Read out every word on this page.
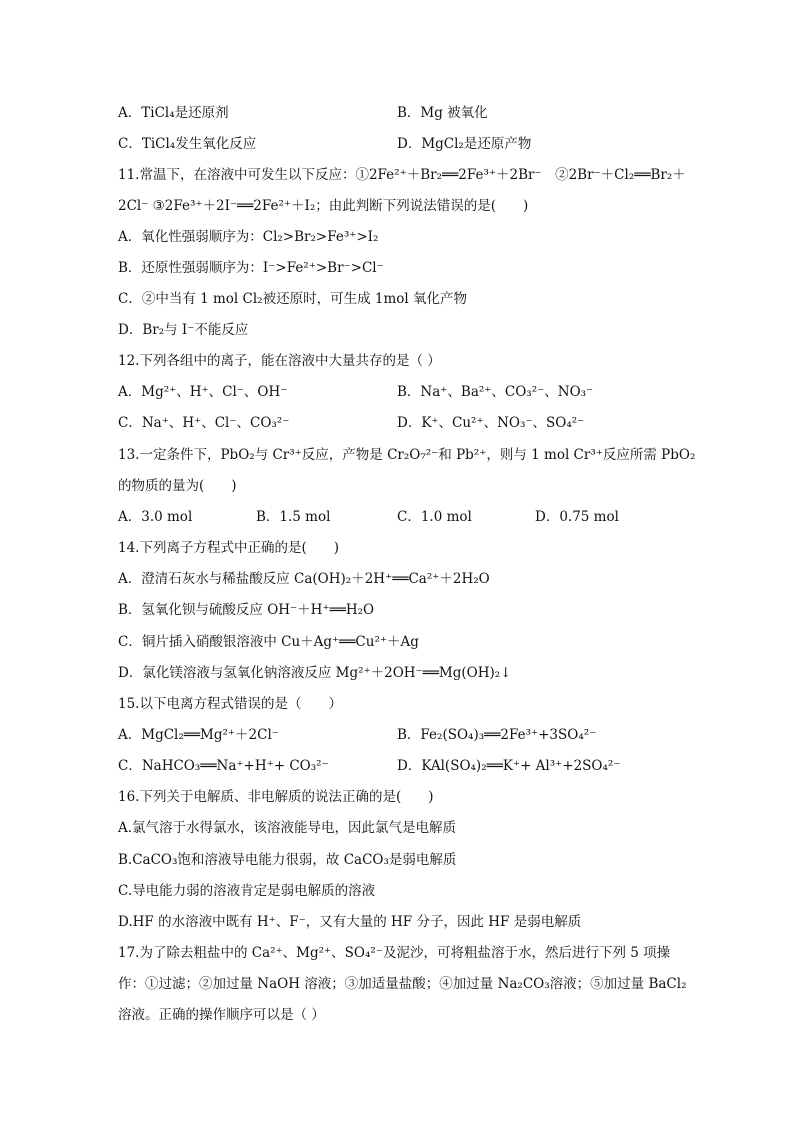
A．TiCl₄是还原剂	B．Mg 被氧化
C．TiCl₄发生氧化反应	D．MgCl₂是还原产物
11.常温下，在溶液中可发生以下反应：①2Fe²⁺＋Br₂══2Fe³⁺＋2Br⁻　②2Br⁻＋Cl₂══Br₂＋
2Cl⁻ ③2Fe³⁺＋2I⁻══2Fe²⁺＋I₂；由此判断下列说法错误的是(　　)
A．氧化性强弱顺序为：Cl₂>Br₂>Fe³⁺>I₂
B．还原性强弱顺序为：I⁻>Fe²⁺>Br⁻>Cl⁻
C．②中当有 1 mol Cl₂被还原时，可生成 1mol 氧化产物
D．Br₂与 I⁻不能反应
12.下列各组中的离子，能在溶液中大量共存的是（ ）
A．Mg²⁺、H⁺、Cl⁻、OH⁻	B．Na⁺、Ba²⁺、CO₃²⁻、NO₃⁻
C．Na⁺、H⁺、Cl⁻、CO₃²⁻	D．K⁺、Cu²⁺、NO₃⁻、SO₄²⁻
13.一定条件下，PbO₂与 Cr³⁺反应，产物是 Cr₂O₇²⁻和 Pb²⁺，则与 1 mol Cr³⁺反应所需 PbO₂
的物质的量为(　　)
A．3.0 mol	B．1.5 mol	C．1.0 mol	D．0.75 mol
14.下列离子方程式中正确的是(　　)
A．澄清石灰水与稀盐酸反应 Ca(OH)₂＋2H⁺══Ca²⁺＋2H₂O
B．氢氧化钡与硫酸反应 OH⁻＋H⁺══H₂O
C．铜片插入硝酸银溶液中 Cu＋Ag⁺══Cu²⁺＋Ag
D．氯化镁溶液与氢氧化钠溶液反应 Mg²⁺＋2OH⁻══Mg(OH)₂↓
15.以下电离方程式错误的是（　　）
A．MgCl₂══Mg²⁺＋2Cl⁻	B．Fe₂(SO₄)₃══2Fe³⁺+3SO₄²⁻
C．NaHCO₃══Na⁺+H⁺+ CO₃²⁻	D．KAl(SO₄)₂══K⁺+ Al³⁺+2SO₄²⁻
16.下列关于电解质、非电解质的说法正确的是(　　)
A.氯气溶于水得氯水，该溶液能导电，因此氯气是电解质
B.CaCO₃饱和溶液导电能力很弱，故 CaCO₃是弱电解质
C.导电能力弱的溶液肯定是弱电解质的溶液
D.HF 的水溶液中既有 H⁺、F⁻，又有大量的 HF 分子，因此 HF 是弱电解质
17.为了除去粗盐中的 Ca²⁺、Mg²⁺、SO₄²⁻及泥沙，可将粗盐溶于水，然后进行下列 5 项操
作：①过滤；②加过量 NaOH 溶液；③加适量盐酸；④加过量 Na₂CO₃溶液；⑤加过量 BaCl₂
溶液。正确的操作顺序可以是（ ）
